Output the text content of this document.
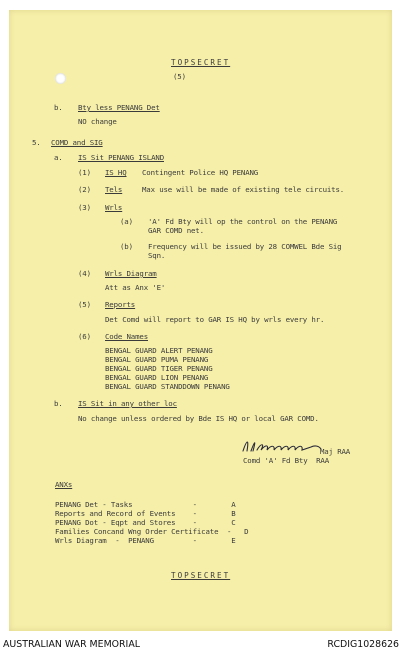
TOPSECRET
(5)
b. Bty less PENANG Det
NO change
5. COMD and SIG
a. IS Sit PENANG ISLAND
(1) IS HQ Contingent Police HQ PENANG
(2) Tels	Max use will be made of existing tele circuits.
(3) Wrls
(a) 'A' Fd Bty will op the control on the PENANG
GAR COMD net.
(b) Frequency will be issued by 28 COMWEL Bde Sig
Sqn.
(4) Wrls Diagram
Att as Anx 'E'
(5) Reports
Det Comd will report to GAR IS HQ by wrls every hr.
(6) Code Names
BENGAL GUARD ALERT PENANG
BENGAL GUARD PUMA PENANG
BENGAL GUARD TIGER PENANG
BENGAL GUARD LION PENANG
BENGAL GUARD STANDDOWN PENANG
b. IS Sit in any other loc
No change unless ordered by Bde IS HQ or local GAR COMD.
Maj RAA
Comd 'A' Fd Bty  RAA
ANXs
PENANG Det - Tasks              -        A
Reports and Record of Events    -        B
PENANG Dot - Eqpt and Stores    -        C
Families Concand Wng Order Certificate  -   D
Wrls Diagram  -  PENANG         -        E
TOPSECRET
AUSTRALIAN WAR MEMORIAL	RCDIG1028626
